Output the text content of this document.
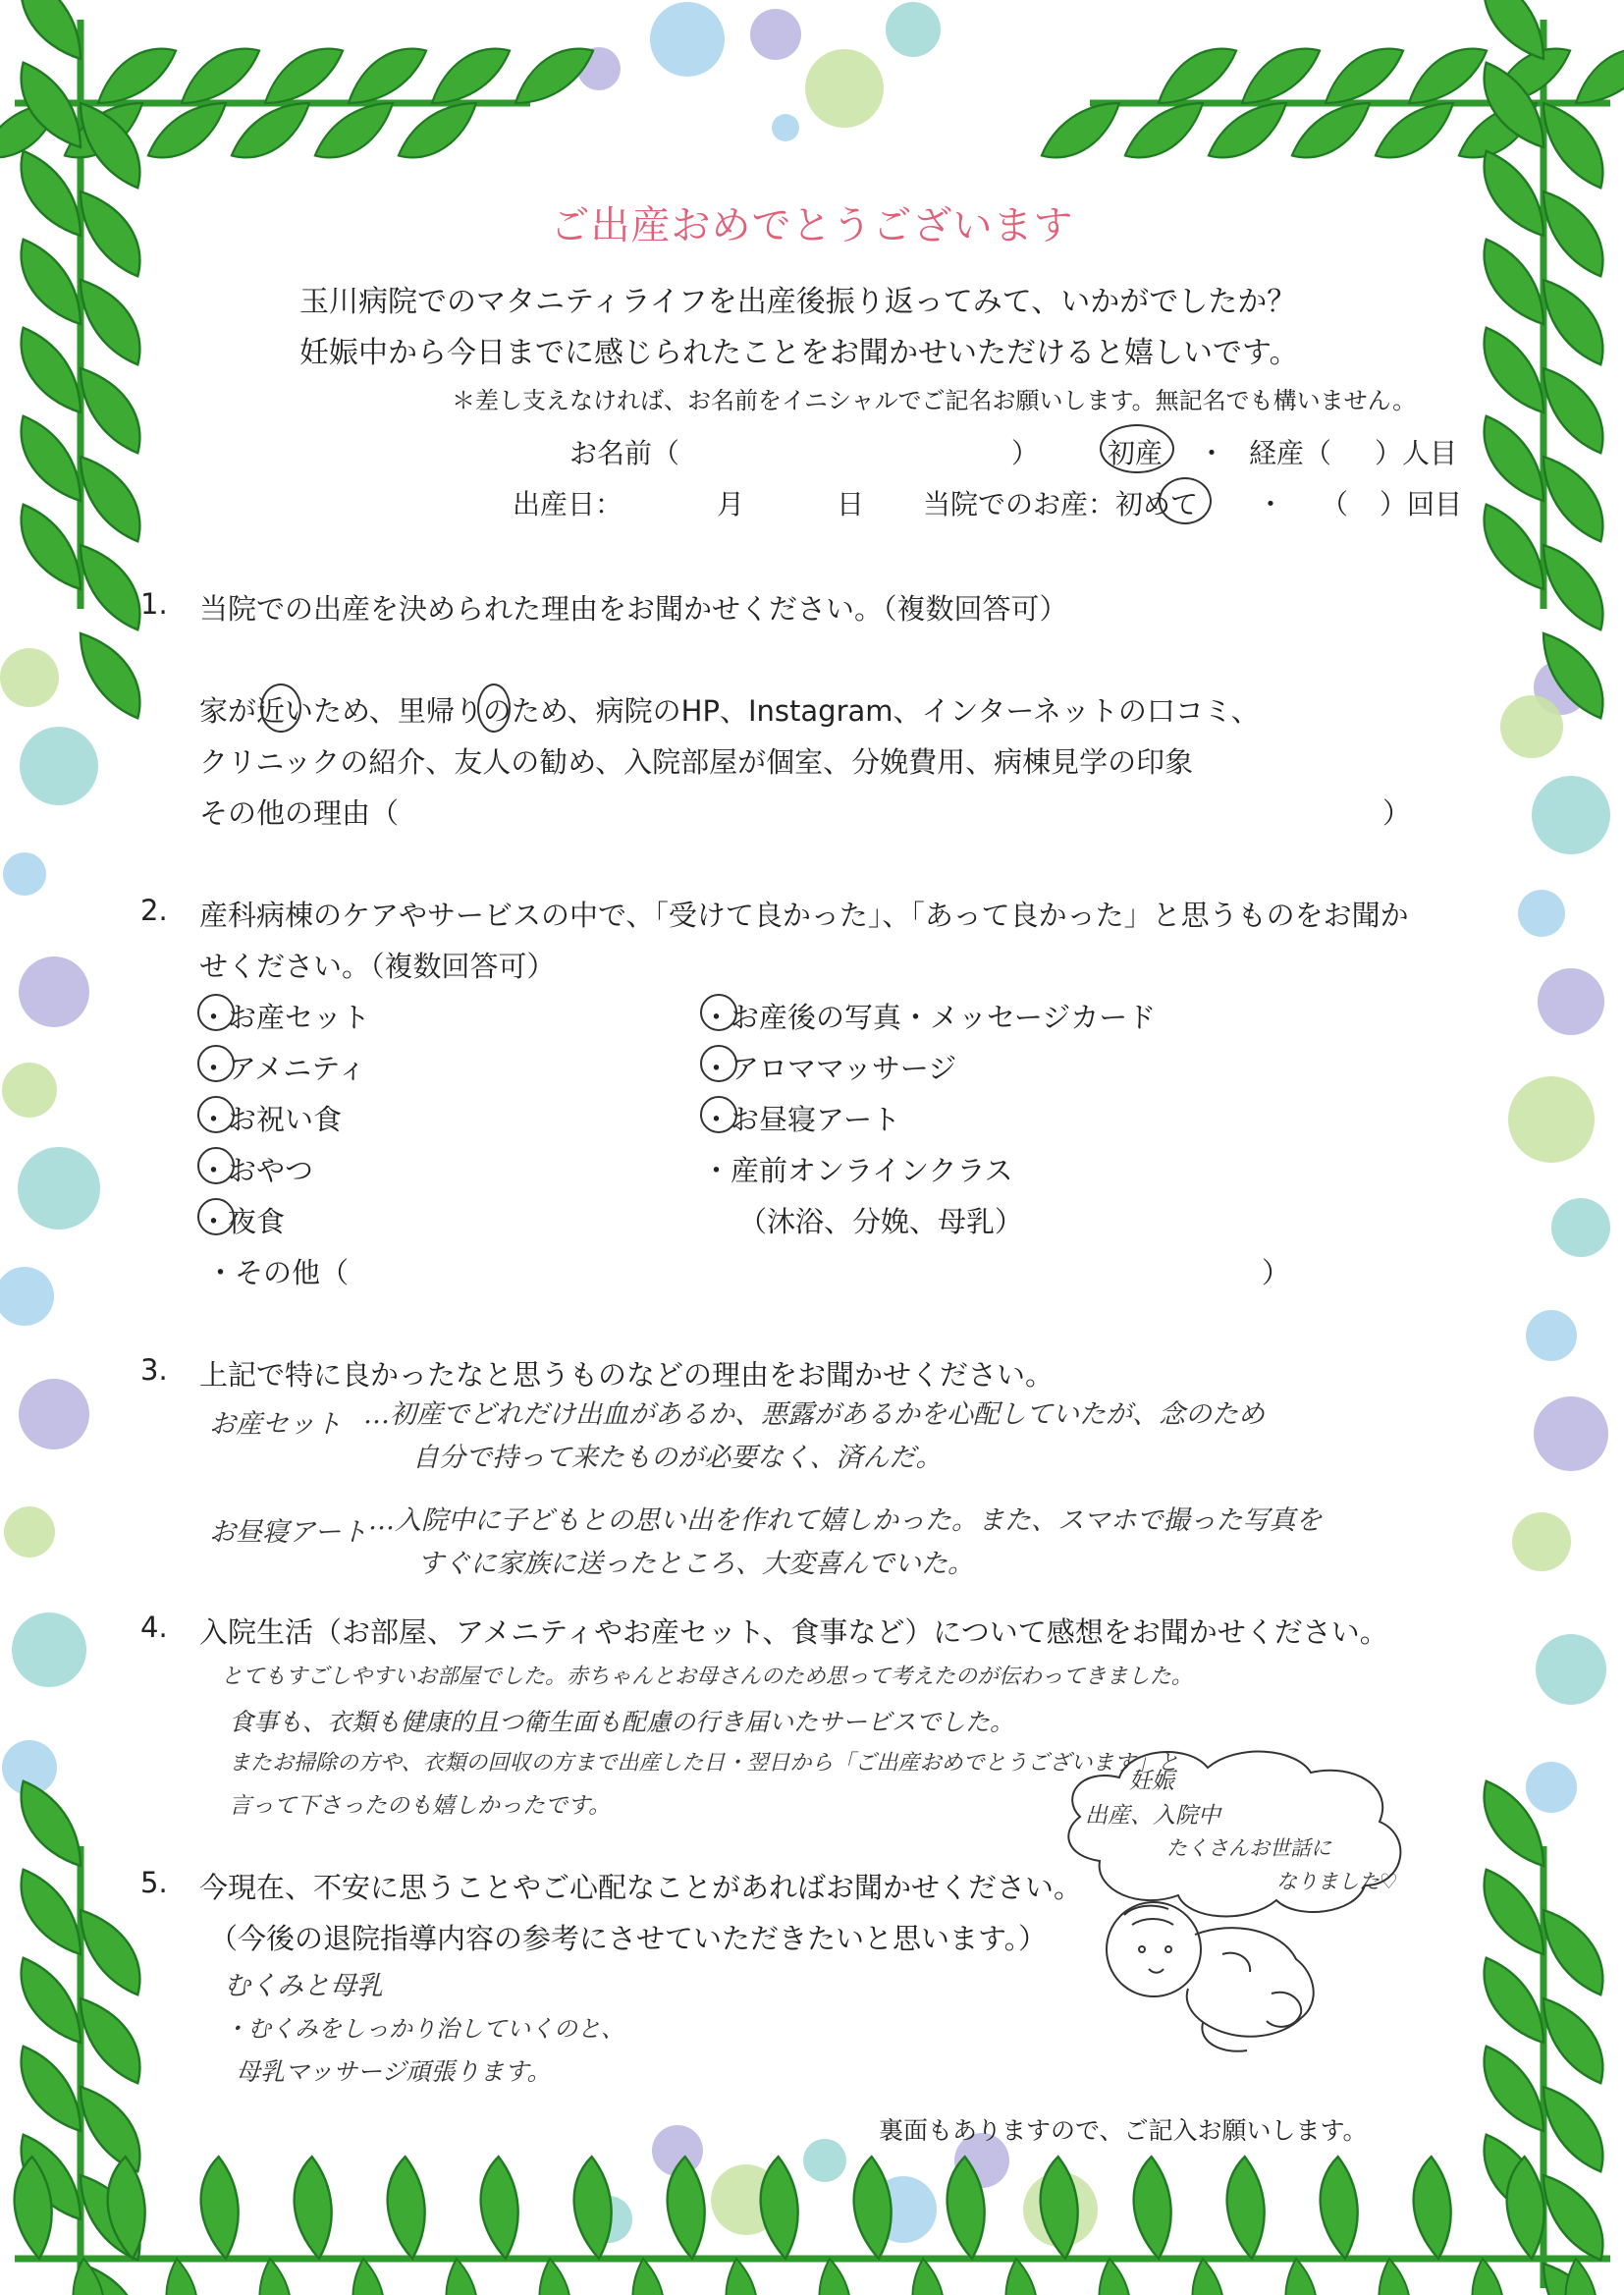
ご出産おめでとうございます
玉川病院でのマタニティライフを出産後振り返ってみて、いかがでしたか？
妊娠中から今日までに感じられたことをお聞かせいただけると嬉しいです。
＊差し支えなければ、お名前をイニシャルでご記名お願いします。無記名でも構いません。
お名前（	） 初産 ・ 経産（ ）人目
出産日：	月	日 当院でのお産：初めて ・ （ ）回目
1. 当院での出産を決められた理由をお聞かせください。（複数回答可）
家が近いため、里帰りのため、病院のHP、Instagram、インターネットの口コミ、
クリニックの紹介、友人の勧め、入院部屋が個室、分娩費用、病棟見学の印象
その他の理由（	）
2. 産科病棟のケアやサービスの中で、「受けて良かった」、「あって良かった」と思うものをお聞か
せください。（複数回答可）
・お産セット
・アメニティ
・お祝い食
・おやつ
・夜食
・お産後の写真・メッセージカード
・アロママッサージ
・お昼寝アート
・産前オンラインクラス
（沐浴、分娩、母乳）
・その他（	）
3. 上記で特に良かったなと思うものなどの理由をお聞かせください。
お産セット …初産でどれだけ出血があるか、悪露があるかを心配していたが、念のため
自分で持って来たものが必要なく、済んだ。
お昼寝アート …入院中に子どもとの思い出を作れて嬉しかった。また、スマホで撮った写真を
すぐに家族に送ったところ、大変喜んでいた。
4. 入院生活（お部屋、アメニティやお産セット、食事など）について感想をお聞かせください。
とてもすごしやすいお部屋でした。赤ちゃんとお母さんのため思って考えたのが伝わってきました。
食事も、衣類も健康的且つ衛生面も配慮の行き届いたサービスでした。
またお掃除の方や、衣類の回収の方まで出産した日・翌日から「ご出産おめでとうございます」と
言って下さったのも嬉しかったです。
妊娠
出産、入院中
たくさんお世話に
なりました♡
5. 今現在、不安に思うことやご心配なことがあればお聞かせください。
（今後の退院指導内容の参考にさせていただきたいと思います。）
むくみと母乳
・むくみをしっかり治していくのと、
母乳マッサージ頑張ります。
裏面もありますので、ご記入お願いします。
